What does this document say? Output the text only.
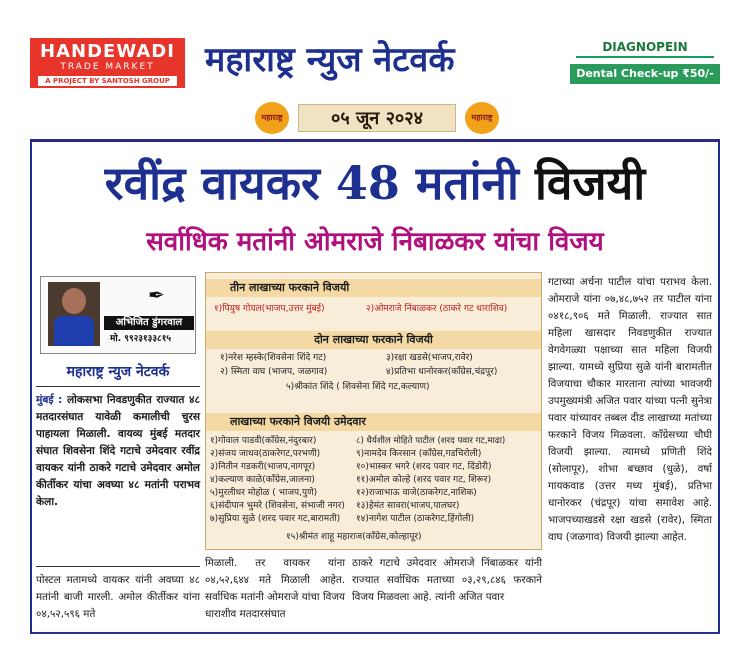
HANDEWADI
TRADE MARKET
A PROJECT BY SANTOSH GROUP
महाराष्ट्र न्युज नेटवर्क	DIAGNOPEIN
Dental Check-up ₹50/-
महाराष्ट्र	०५ जून २०२४	महाराष्ट्र
रवींद्र वायकर 48 मतांनी विजयी
सर्वाधिक मतांनी ओमराजे निंबाळकर यांचा विजय
✒
अभिजित डुंगरवाल
मो. ९९२३१३३८१५
महाराष्ट्र न्युज नेटवर्क
मुंबई : लोकसभा निवडणुकीत राज्यात ४८ मतदारसंघात यावेळी कमालीची चुरस पाहायला मिळाली. वायव्य मुंबई मतदार संघात शिवसेना शिंदे गटाचे उमेदवार रवींद्र वायकर यांनी ठाकरे गटाचे उमेदवार अमोल कीर्तीकर यांचा अवघ्या ४८ मतांनी पराभव केला.
पोस्टल मतामध्ये वायकर यांनी अवघ्या ४८ मतांनी बाजी मारली. अमोल कीर्तीकर यांना ०४,५२,५९६ मते
मिळाली. तर वायकर यांना ०४,५२,६४४ मते मिळाली आहेत. सर्वाधिक मतांनी ओमराजे यांचा विजय धाराशीव मतदारसंघात
ठाकरे गटाचे उमेदवार ओमराजे निंबाळकर यांनी राज्यात सर्वाधिक मताच्या ०३,२९,८४६ फरकाने विजय मिळवला आहे. त्यांनी अजित पवार
गटाच्या अर्चना पाटील यांचा पराभव केला. ओमराजे यांना ०७,४८,७५२ तर पाटील यांना ०४१८,९०६ मते मिळाली. राज्यात सात महिला खासदार निवडणुकीत राज्यात वेगवेगळ्या पक्षाच्या सात महिला विजयी झाल्या. यामध्ये सुप्रिया सुळे यांनी बारामतीत विजयाचा चौकार मारताना त्यांच्या भावजयी उपमुख्यमंत्री अजित पवार यांच्या पत्नी सुनेत्रा पवार यांच्यावर तब्बल दीड लाखाच्या मतांच्या फरकाने विजय मिळवला. कॉंग्रेसच्या चौघी विजयी झाल्या. त्यामध्ये प्रणिती शिंदे (सोलापूर), शोभा बच्छाव (धुळे), वर्षा गायकवाड (उत्तर मध्य मुंबई), प्रतिभा धानोरकर (चंद्रपूर) यांचा समावेश आहे. भाजपच्याखडसे रक्षा खडसे (रावेर), स्मिता वाघ (जळगाव) विजयी झाल्या आहेत.
तीन लाखाच्या फरकाने विजयी
१)पियुष गोयल(भाजप,उत्तर मुंबई)	२)ओमराजे निंबाळकर (ठाकरे गट धाराशिव)
दोन लाखाच्या फरकाने विजयी
१)नरेश म्हस्के(शिवसेना शिंदे गट)	३)रक्षा खडसे(भाजप,रावेर)
२) स्मिता वाघ (भाजप, जळगाव)	४)प्रतिभा धानोरकर(कॉंग्रेस,चंद्रपूर)
५)श्रीकांत शिंदे ( शिवसेना शिंदे गट,कल्याण)
लाखाच्या फरकाने विजयी उमेदवार
१)गोवाल पाडवी(कॉंग्रेस,नंदुरबार)
२)संजय जाधव(ठाकरेगट,परभणी)
३)नितीन गडकरी(भाजप,नागपूर)
४)कल्याण काळे(कॉंग्रेस,जालना)
५)मुरलीधर मोहोळ ( भाजप,पुणे)
६)संदीपान भुमरे (शिवसेना, संभाजी नगर)
७)सुप्रिया सुळे (शरद पवार गट,बारामती)
८) धैर्यशील मोहिते पाटील (शरद पवार गट,माढा)
९)नामदेव किरसान (कॉंग्रेस,गडचिरोली)
१०)भास्कर भगरे (शरद पवार गट, दिंडोरी)
११)अमोल कोल्हे (शरद पवार गट, शिरूर)
१२)राजाभाऊ वाजे(ठाकरेगट,नाशिक)
१३)हेमंत सावरा(भाजप,पालघर)
१४)नागेश पाटील (ठाकरेगट,हिंगोली)
१५)श्रीमंत शाहू महाराज(कॉंग्रेस,कोल्हापूर)
